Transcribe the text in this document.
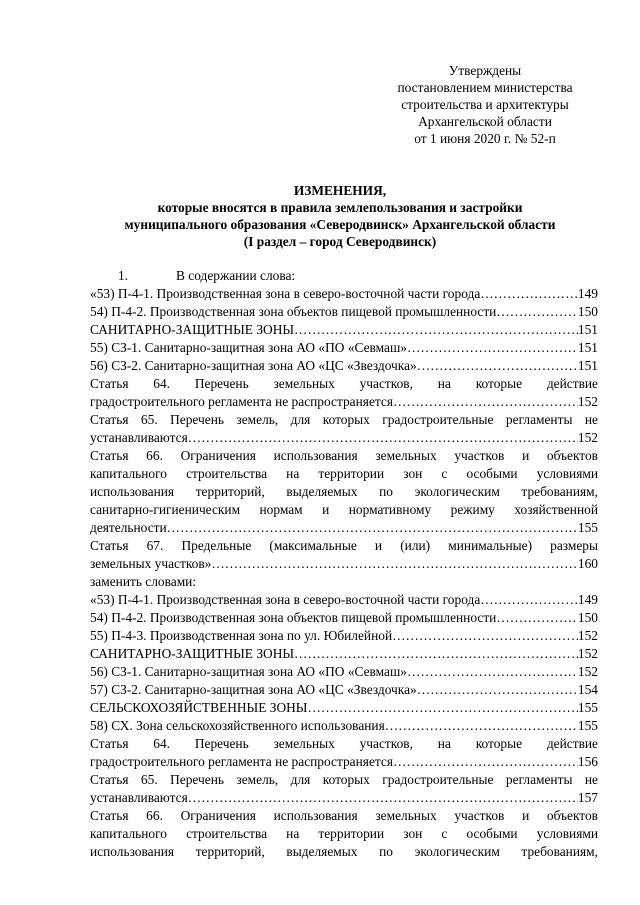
Утверждены
постановлением министерства
строительства и архитектуры
Архангельской области
от 1 июня 2020 г. № 52-п
ИЗМЕНЕНИЯ,
которые вносятся в правила землепользования и застройки
муниципального образования «Северодвинск» Архангельской области
(I раздел – город Северодвинск)
1.	В содержании слова:
«53) П-4-1. Производственная зона в северо-восточной части города ………………………………………………………………………………………………………………………………………………	149
54) П-4-2. Производственная зона объектов пищевой промышленности ………………………………………………………………………………………………………………………………………………	150
САНИТАРНО-ЗАЩИТНЫЕ ЗОНЫ ………………………………………………………………………………………………………………………………………………	151
55) СЗ-1. Санитарно-защитная зона АО «ПО «Севмаш» ………………………………………………………………………………………………………………………………………………	151
56) СЗ-2. Санитарно-защитная зона АО «ЦС «Звездочка» ………………………………………………………………………………………………………………………………………………	151
Статья 64. Перечень земельных участков, на которые действие
градостроительного регламента не распространяется ………………………………………………………………………………………………………………………………………………	152
Статья 65. Перечень земель, для которых градостроительные регламенты не
устанавливаются ………………………………………………………………………………………………………………………………………………	152
Статья 66. Ограничения использования земельных участков и объектов
капитального строительства на территории зон с особыми условиями
использования территорий, выделяемых по экологическим требованиям,
санитарно-гигиеническим нормам и нормативному режиму хозяйственной
деятельности ………………………………………………………………………………………………………………………………………………	155
Статья 67. Предельные (максимальные и (или) минимальные) размеры
земельных участков» ………………………………………………………………………………………………………………………………………………	160
заменить словами:
«53) П-4-1. Производственная зона в северо-восточной части города ………………………………………………………………………………………………………………………………………………	149
54) П-4-2. Производственная зона объектов пищевой промышленности ………………………………………………………………………………………………………………………………………………	150
55) П-4-3. Производственная зона по ул. Юбилейной ………………………………………………………………………………………………………………………………………………	152
САНИТАРНО-ЗАЩИТНЫЕ ЗОНЫ ………………………………………………………………………………………………………………………………………………	152
56) СЗ-1. Санитарно-защитная зона АО «ПО «Севмаш» ………………………………………………………………………………………………………………………………………………	152
57) СЗ-2. Санитарно-защитная зона АО «ЦС «Звездочка» ………………………………………………………………………………………………………………………………………………	154
СЕЛЬСКОХОЗЯЙСТВЕННЫЕ ЗОНЫ ………………………………………………………………………………………………………………………………………………	155
58) СХ. Зона сельскохозяйственного использования ………………………………………………………………………………………………………………………………………………	155
Статья 64. Перечень земельных участков, на которые действие
градостроительного регламента не распространяется ………………………………………………………………………………………………………………………………………………	156
Статья 65. Перечень земель, для которых градостроительные регламенты не
устанавливаются ………………………………………………………………………………………………………………………………………………	157
Статья 66. Ограничения использования земельных участков и объектов
капитального строительства на территории зон с особыми условиями
использования территорий, выделяемых по экологическим требованиям,
